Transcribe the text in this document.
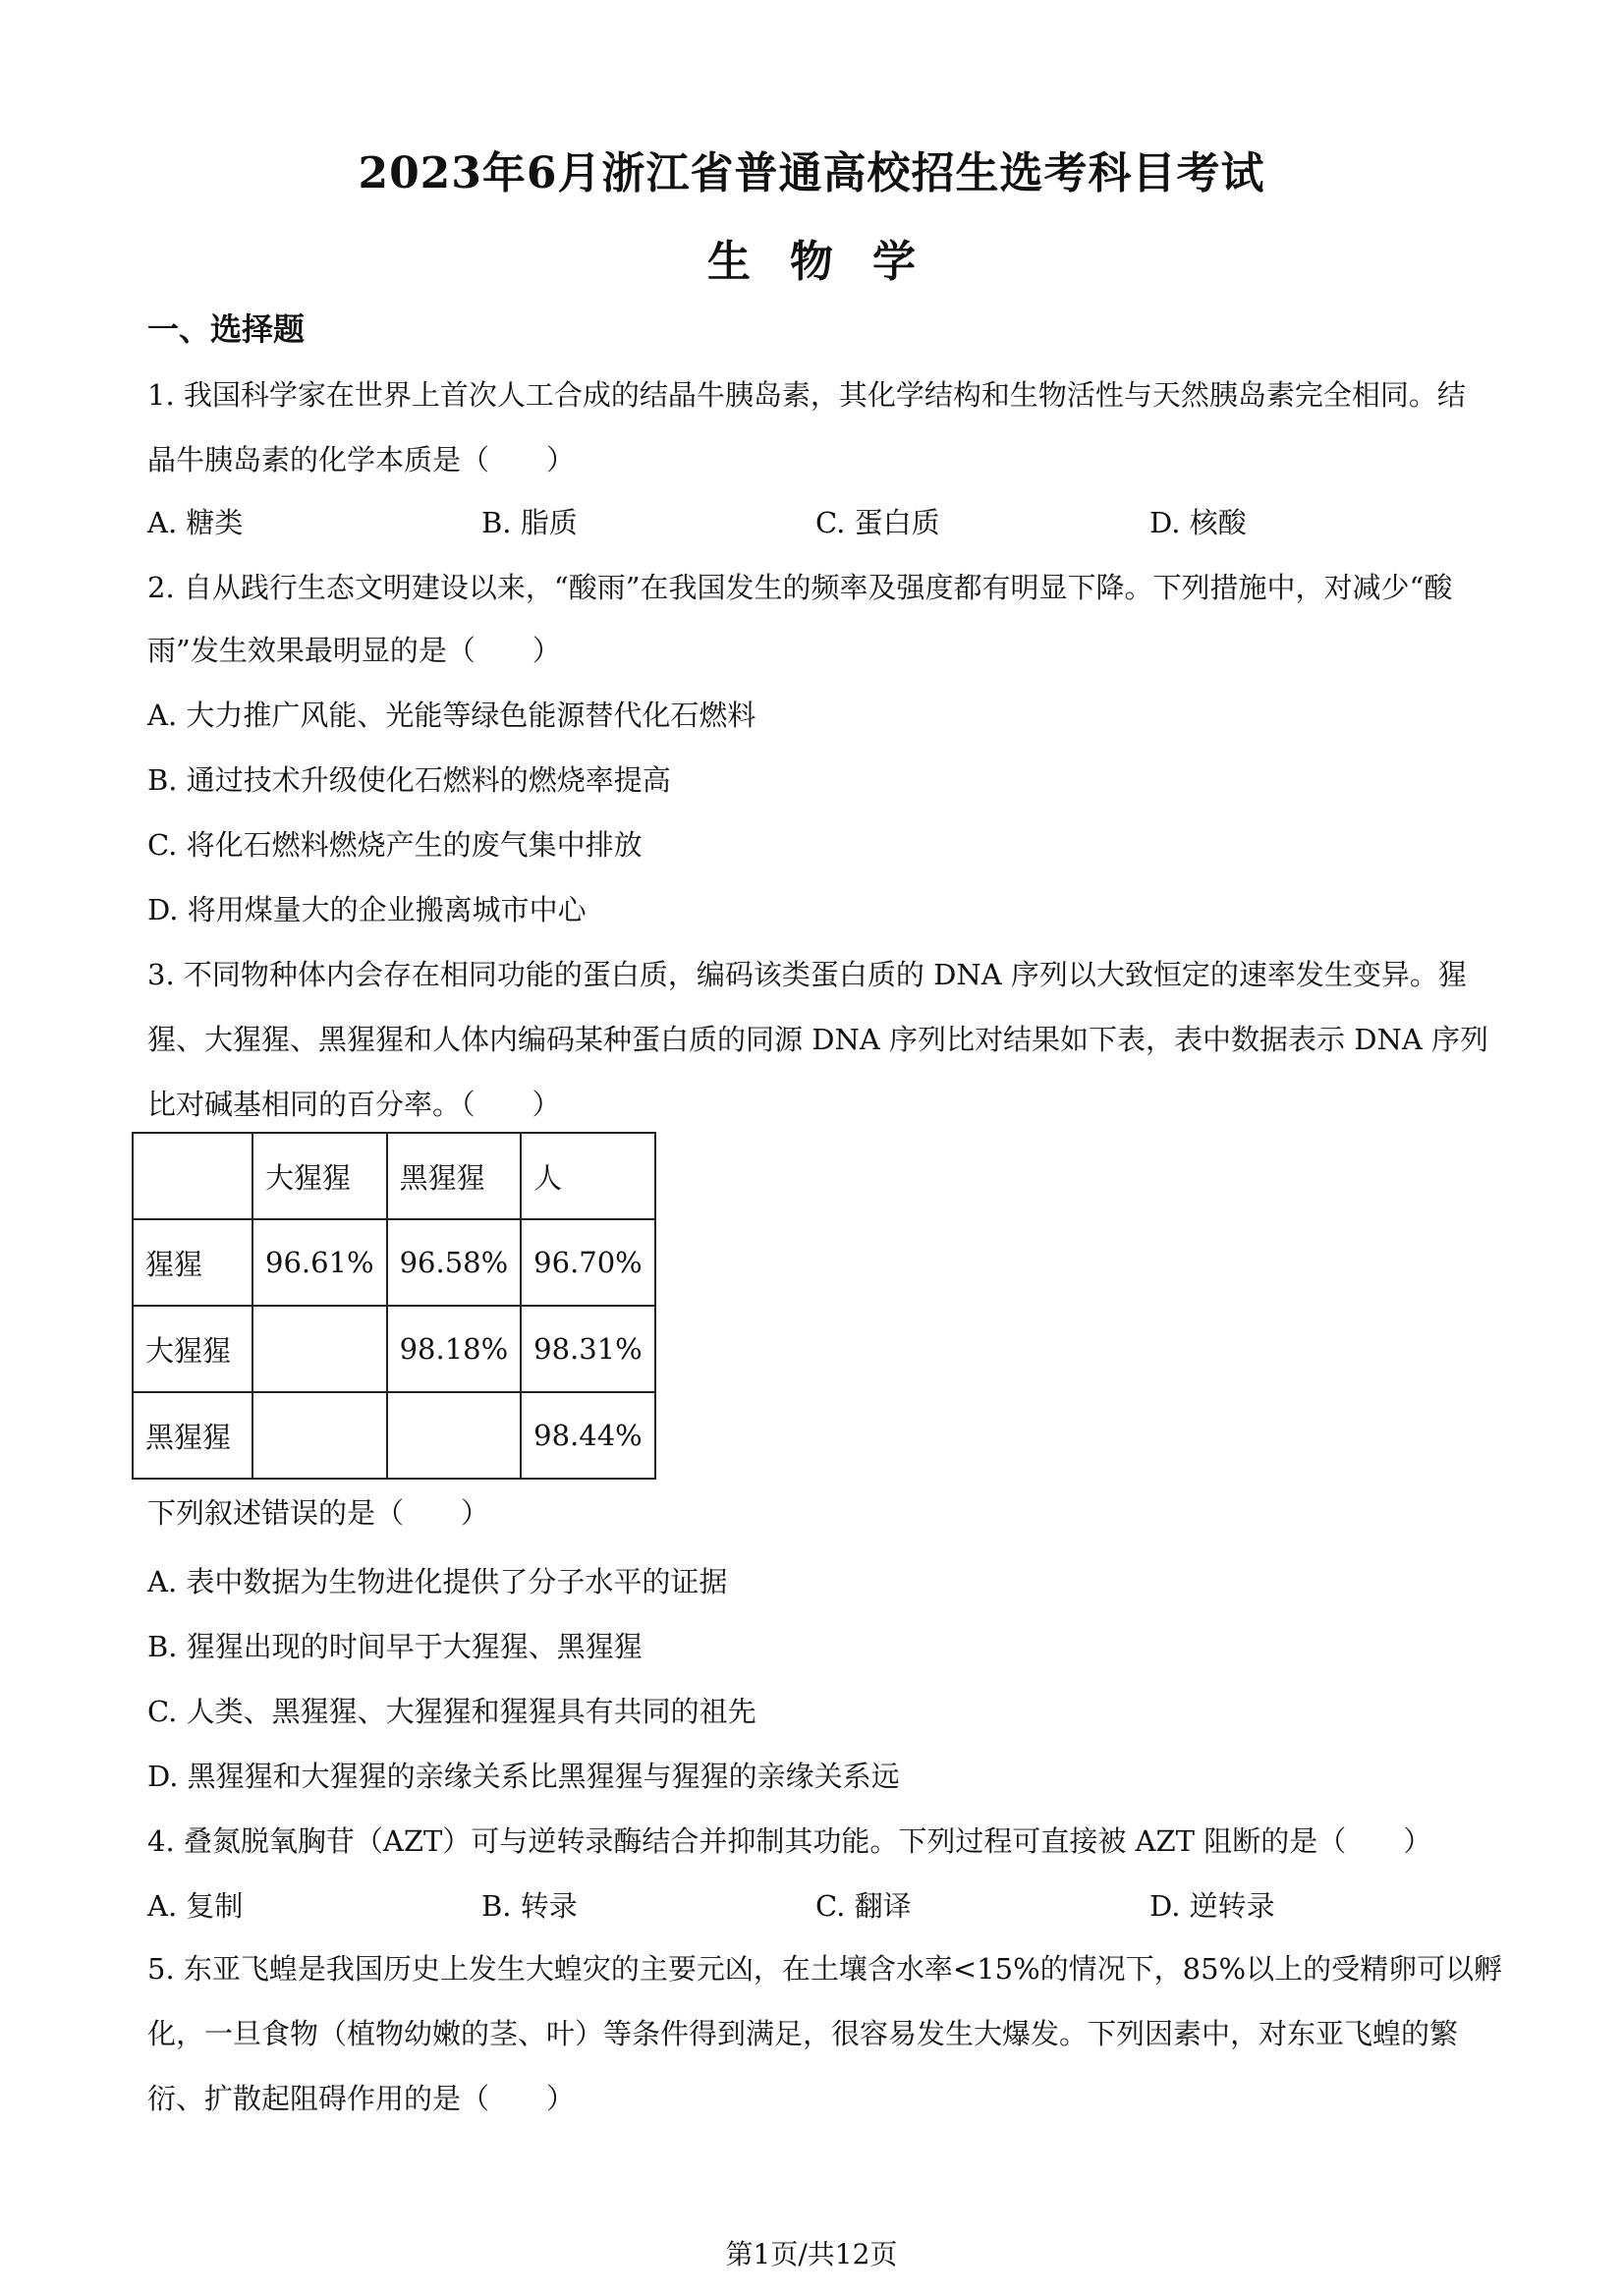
2023年6月浙江省普通高校招生选考科目考试
生物学
一、选择题
1. 我国科学家在世界上首次人工合成的结晶牛胰岛素，其化学结构和生物活性与天然胰岛素完全相同。结
晶牛胰岛素的化学本质是（　　）
A. 糖类	B. 脂质	C. 蛋白质	D. 核酸
2. 自从践行生态文明建设以来，“酸雨”在我国发生的频率及强度都有明显下降。下列措施中，对减少“酸
雨”发生效果最明显的是（　　）
A. 大力推广风能、光能等绿色能源替代化石燃料
B. 通过技术升级使化石燃料的燃烧率提高
C. 将化石燃料燃烧产生的废气集中排放
D. 将用煤量大的企业搬离城市中心
3. 不同物种体内会存在相同功能的蛋白质，编码该类蛋白质的 DNA 序列以大致恒定的速率发生变异。猩
猩、大猩猩、黑猩猩和人体内编码某种蛋白质的同源 DNA 序列比对结果如下表，表中数据表示 DNA 序列
比对碱基相同的百分率。（　　）
	大猩猩	黑猩猩	人
猩猩	96.61%	96.58%	96.70%
大猩猩		98.18%	98.31%
黑猩猩			98.44%
下列叙述错误的是（　　）
A. 表中数据为生物进化提供了分子水平的证据
B. 猩猩出现的时间早于大猩猩、黑猩猩
C. 人类、黑猩猩、大猩猩和猩猩具有共同的祖先
D. 黑猩猩和大猩猩的亲缘关系比黑猩猩与猩猩的亲缘关系远
4. 叠氮脱氧胸苷（AZT）可与逆转录酶结合并抑制其功能。下列过程可直接被 AZT 阻断的是（　　）
A. 复制	B. 转录	C. 翻译	D. 逆转录
5. 东亚飞蝗是我国历史上发生大蝗灾的主要元凶，在土壤含水率<15%的情况下，85%以上的受精卵可以孵
化，一旦食物（植物幼嫩的茎、叶）等条件得到满足，很容易发生大爆发。下列因素中，对东亚飞蝗的繁
衍、扩散起阻碍作用的是（　　）
第1页/共12页
